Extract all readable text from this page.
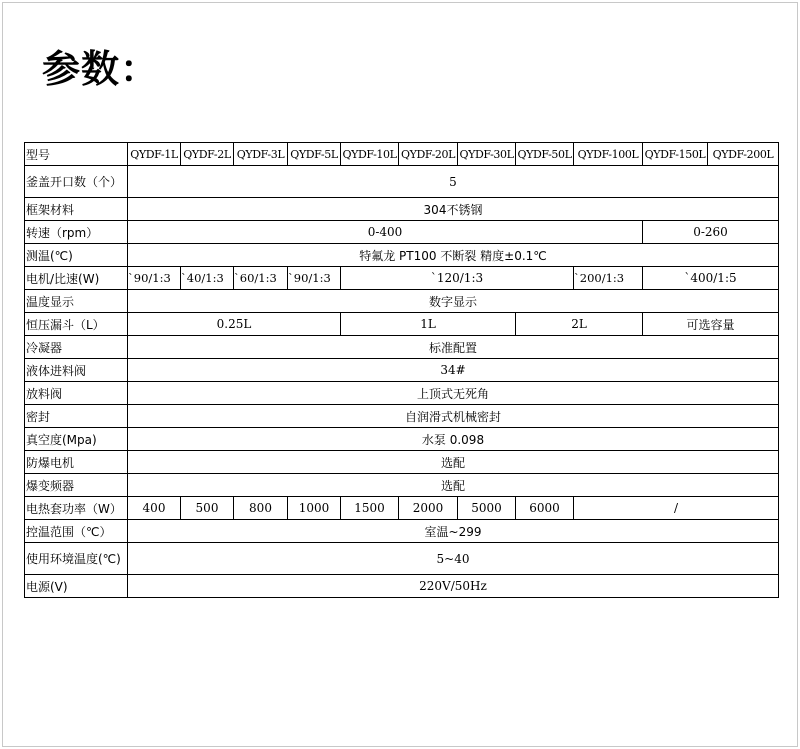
参数：
型号	QYDF-1L	QYDF-2L	QYDF-3L	QYDF-5L	QYDF-10L	QYDF-20L	QYDF-30L	QYDF-50L	QYDF-100L	QYDF-150L	QYDF-200L
釜盖开口数（个）	5										
框架材料	304不锈钢										
转速（rpm）	0-400									0-260	
测温(℃)	特氟龙 PT100 不断裂 精度±0.1℃										
电机/比速(W)	`90/1:3	`40/1:3	`60/1:3	`90/1:3	`120/1:3				`200/1:3	`400/1:5	
温度显示	数字显示										
恒压漏斗（L）	0.25L				1L			2L		可选容量	
冷凝器	标准配置										
液体进料阀	34#										
放料阀	上顶式无死角										
密封	自润滑式机械密封										
真空度(Mpa)	水泵 0.098										
防爆电机	选配										
爆变频器	选配										
电热套功率（W）	400	500	800	1000	1500	2000	5000	6000	/		
控温范围（℃）	室温~299										
使用环境温度(℃)	5~40										
电源(V)	220V/50Hz										
